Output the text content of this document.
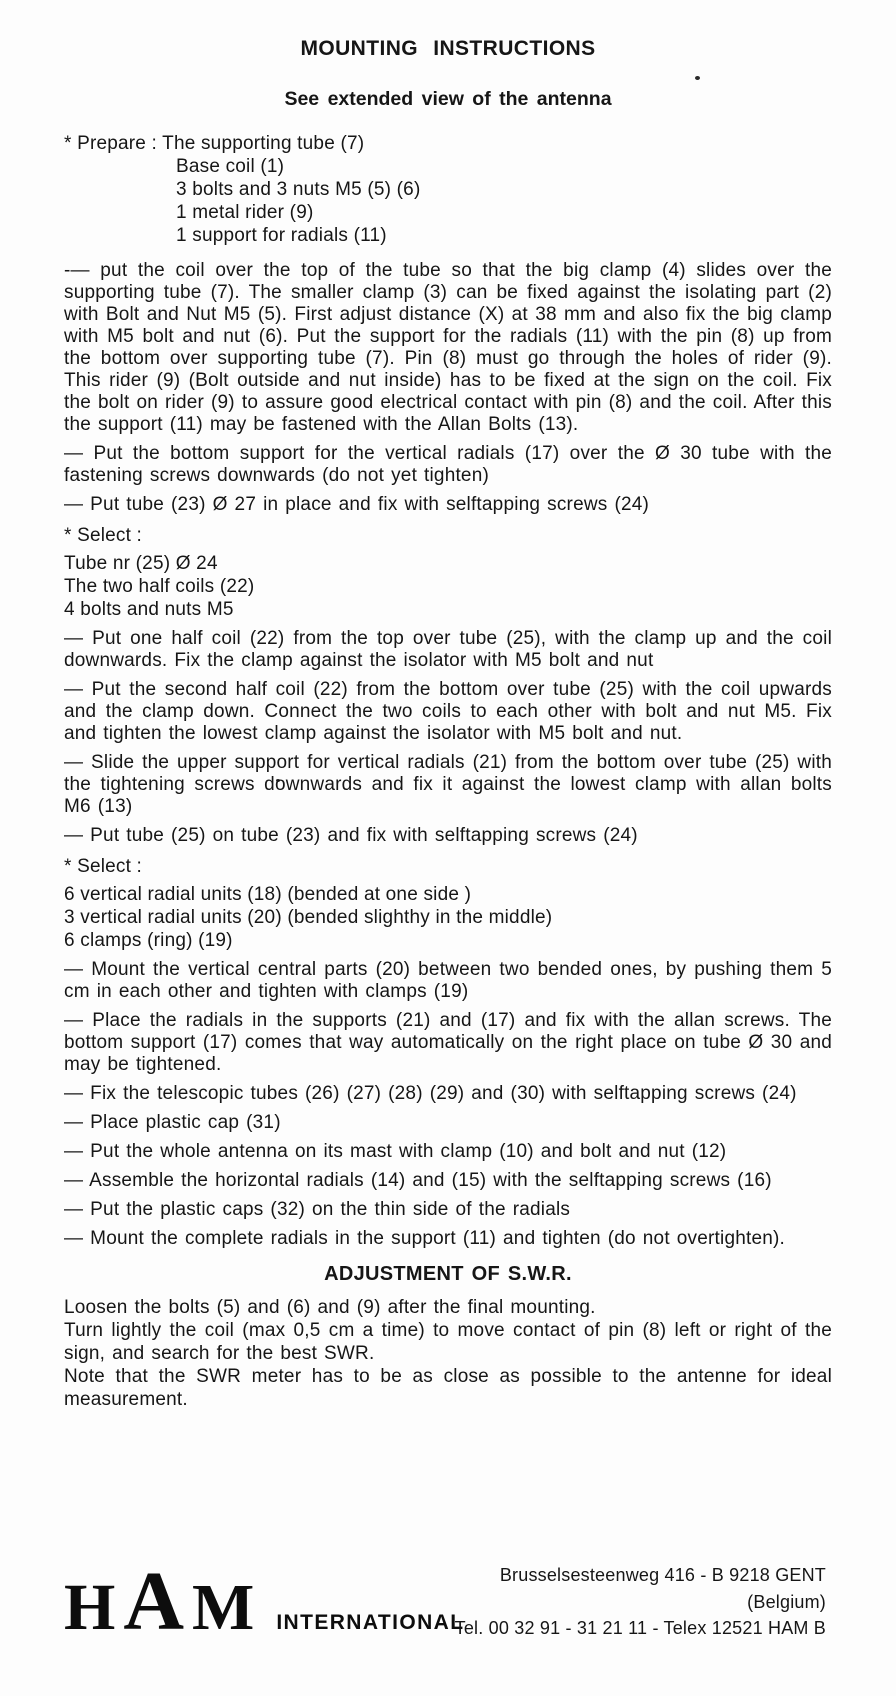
MOUNTING INSTRUCTIONS
See extended view of the antenna
* Prepare : The supporting tube (7)
Base coil (1)
3 bolts and 3 nuts M5 (5) (6)
1 metal rider (9)
1 support for radials (11)

-— put the coil over the top of the tube so that the big clamp (4) slides over the supporting tube (7). The smaller clamp (3) can be fixed against the isolating part (2) with Bolt and Nut M5 (5). First adjust distance (X) at 38 mm and also fix the big clamp with M5 bolt and nut (6). Put the support for the radials (11) with the pin (8) up from the bottom over supporting tube (7). Pin (8) must go through the holes of rider (9). This rider (9) (Bolt outside and nut inside) has to be fixed at the sign on the coil. Fix the bolt on rider (9) to assure good electrical contact with pin (8) and the coil. After this the support (11) may be fastened with the Allan Bolts (13).

— Put the bottom support for the vertical radials (17) over the Ø 30 tube with the fastening screws downwards (do not yet tighten)

— Put tube (23) Ø 27 in place and fix with selftapping screws (24)

* Select :
Tube nr (25) Ø 24
The two half coils (22)
4 bolts and nuts M5

— Put one half coil (22) from the top over tube (25), with the clamp up and the coil downwards. Fix the clamp against the isolator with M5 bolt and nut

— Put the second half coil (22) from the bottom over tube (25) with the coil upwards and the clamp down. Connect the two coils to each other with bolt and nut M5. Fix and tighten the lowest clamp against the isolator with M5 bolt and nut.

— Slide the upper support for vertical radials (21) from the bottom over tube (25) with the tightening screws downwards and fix it against the lowest clamp with allan bolts M6 (13)

— Put tube (25) on tube (23) and fix with selftapping screws (24)

* Select :
6 vertical radial units (18) (bended at one side )
3 vertical radial units (20) (bended slighthy in the middle)
6 clamps (ring) (19)

— Mount the vertical central parts (20) between two bended ones, by pushing them 5 cm in each other and tighten with clamps (19)

— Place the radials in the supports (21) and (17) and fix with the allan screws. The bottom support (17) comes that way automatically on the right place on tube Ø 30 and may be tightened.

— Fix the telescopic tubes (26) (27) (28) (29) and (30) with selftapping screws (24)

— Place plastic cap (31)

— Put the whole antenna on its mast with clamp (10) and bolt and nut (12)

— Assemble the horizontal radials (14) and (15) with the selftapping screws (16)

— Put the plastic caps (32) on the thin side of the radials

— Mount the complete radials in the support (11) and tighten (do not overtighten).

ADJUSTMENT OF S.W.R.
Loosen the bolts (5) and (6) and (9) after the final mounting.
Turn lightly the coil (max 0,5 cm a time) to move contact of pin (8) left or right of the sign, and search for the best SWR.
Note that the SWR meter has to be as close as possible to the antenne for ideal measurement.
H A M INTERNATIONAL
Brusselsesteenweg 416 - B 9218 GENT
(Belgium)
Tel. 00 32 91 - 31 21 11 - Telex 12521 HAM B
